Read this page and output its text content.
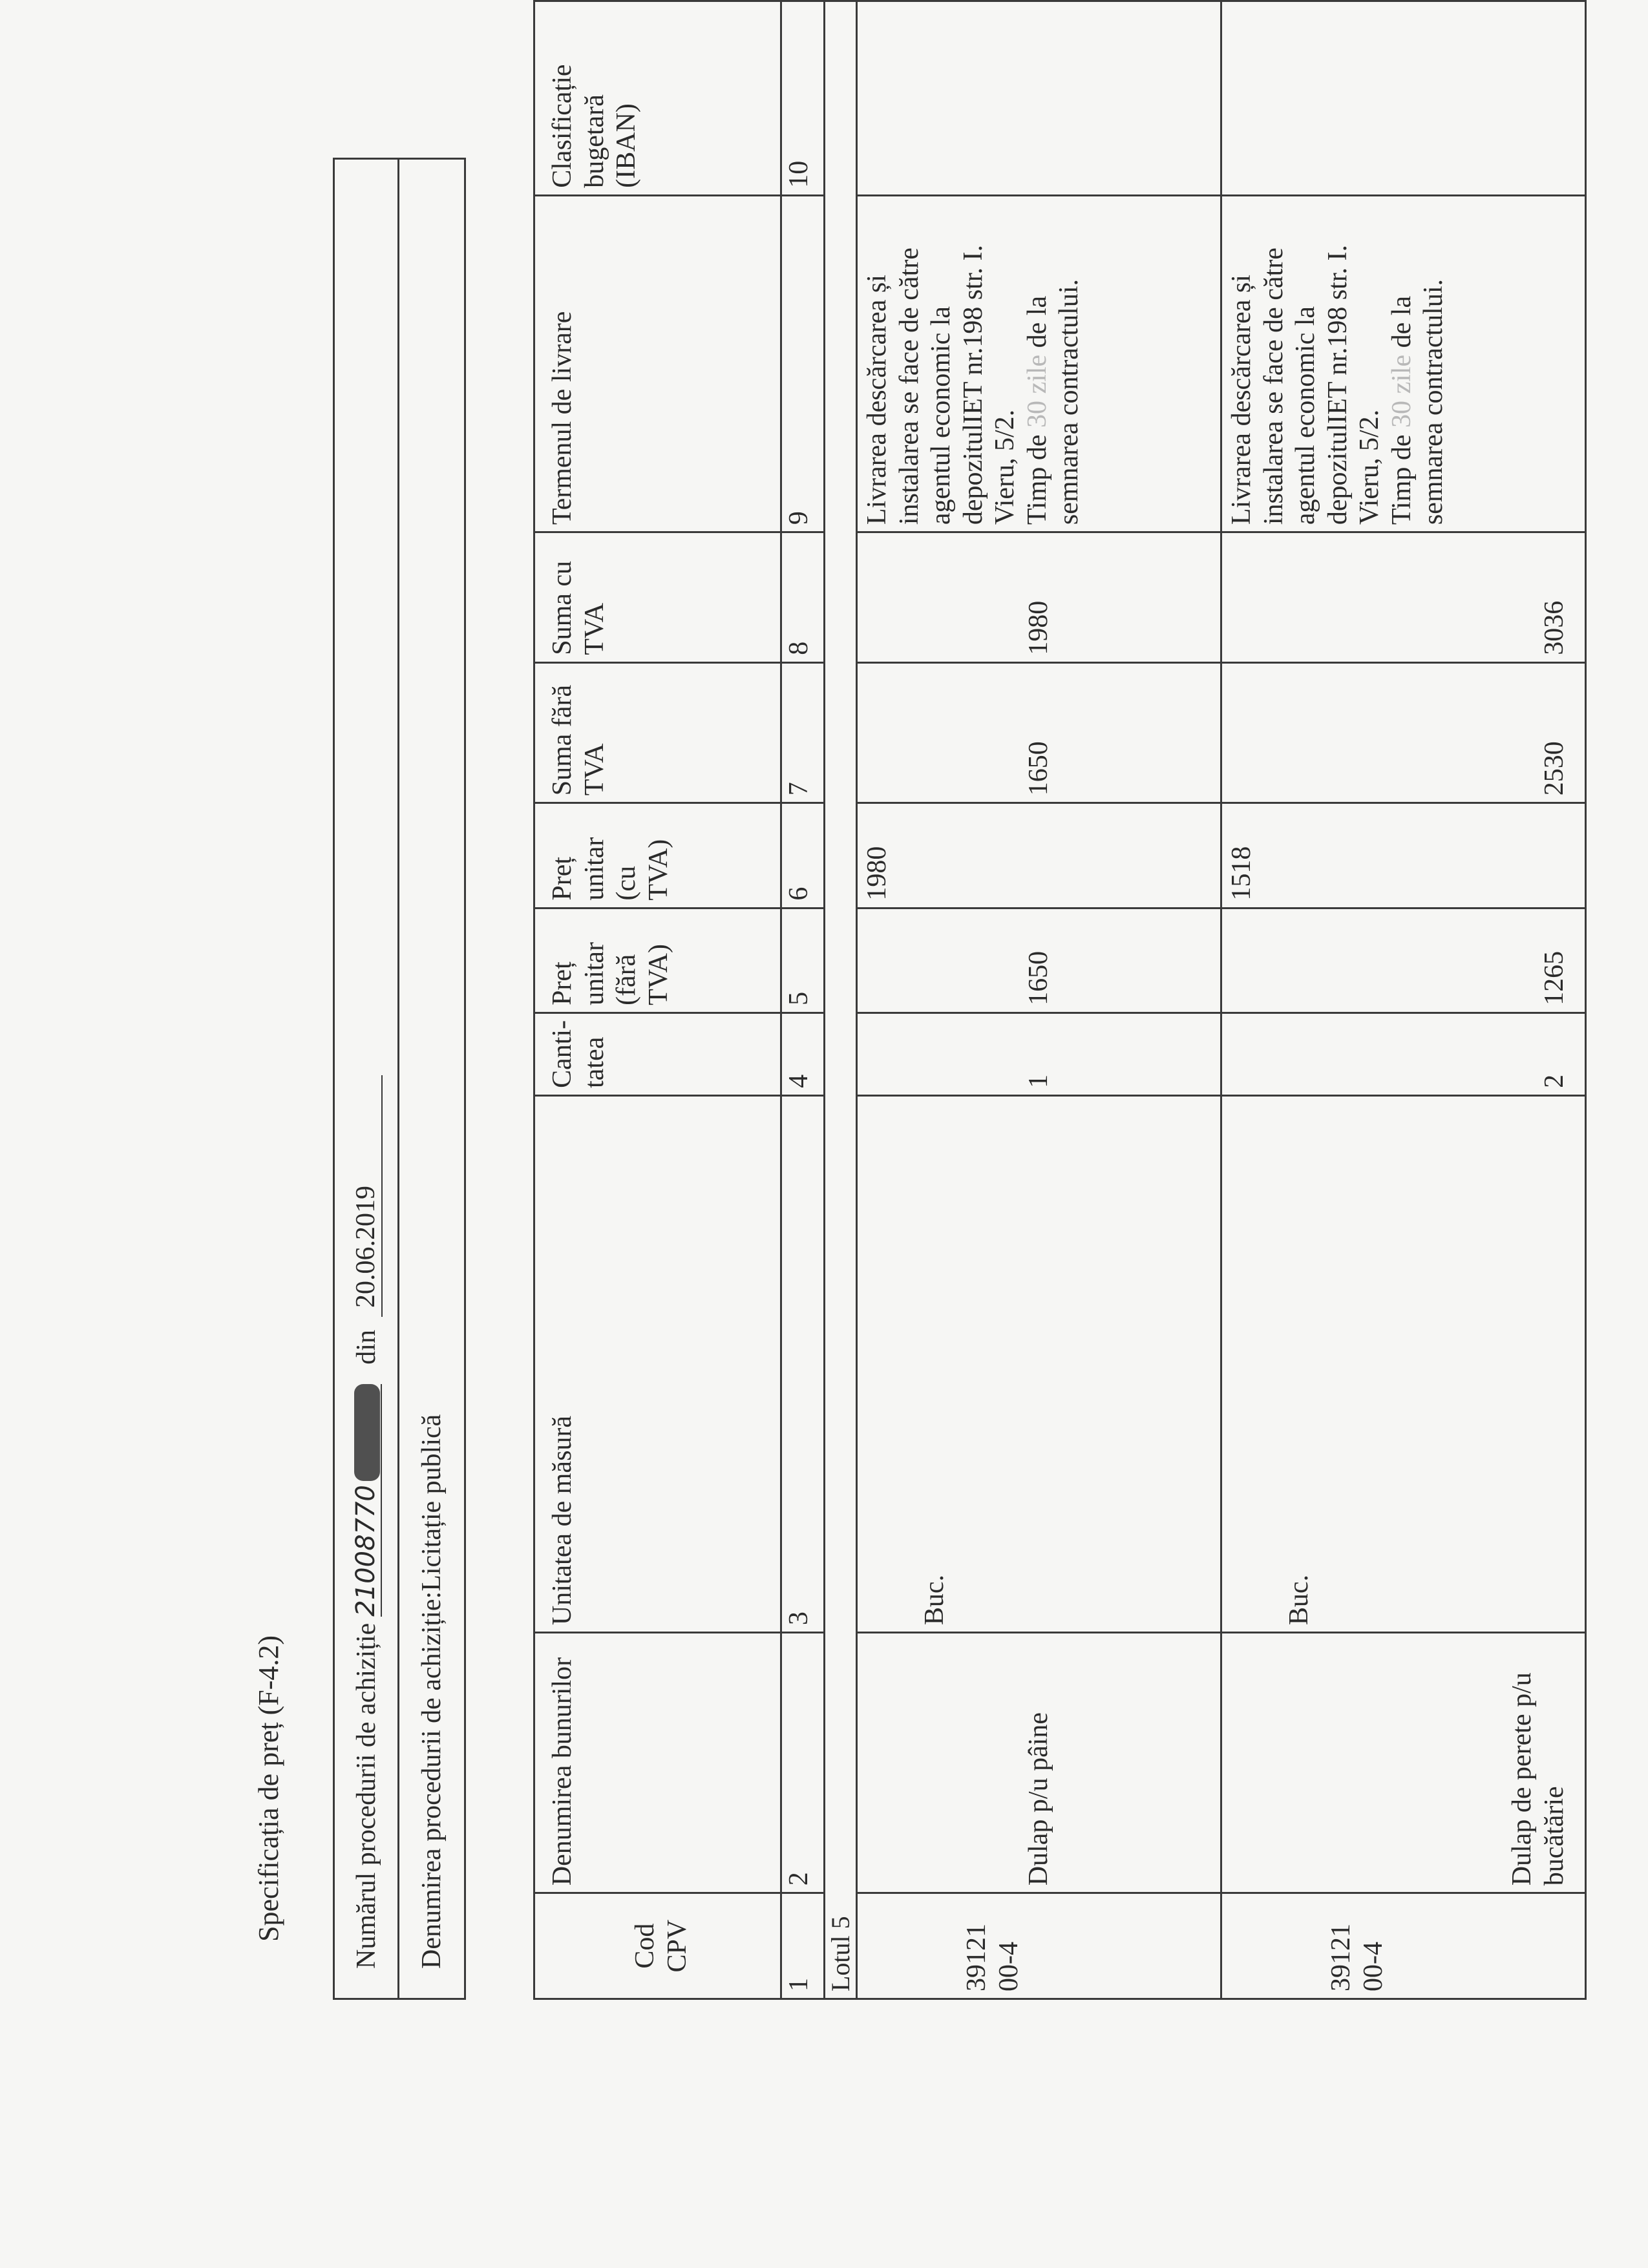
Specificația de preț (F-4.2) Numărul procedurii de achiziție
21008770
din
20.06.2019
Denumirea procedurii de achiziție:
Licitație publică
Cod CPV	Denumirea bunurilor	Unitatea de măsură	Canti-tatea	Preț unitar (fără TVA)	Preț unitar (cu TVA)	Suma fără TVA	Suma cu TVA	Termenul de livrare	Clasificație bugetară (IBAN)
1	2	3	4	5	6	7	8	9	10
Lotul 5									
39121 00-4	Dulap p/u pâine	Buc.	1	1650	1980	1650	1980	Livrarea descărcarea și instalarea se face de către agentul economic la depozitulIET nr.198 str. I. Vieru, 5/2.
Timp de 30 zile de la semnarea contractului.	
39121 00-4	Dulap de perete p/u bucătărie	Buc.	2	1265	1518	2530	3036	Livrarea descărcarea și instalarea se face de către agentul economic la depozitulIET nr.198 str. I. Vieru, 5/2.
Timp de 30 zile de la semnarea contractului.	
